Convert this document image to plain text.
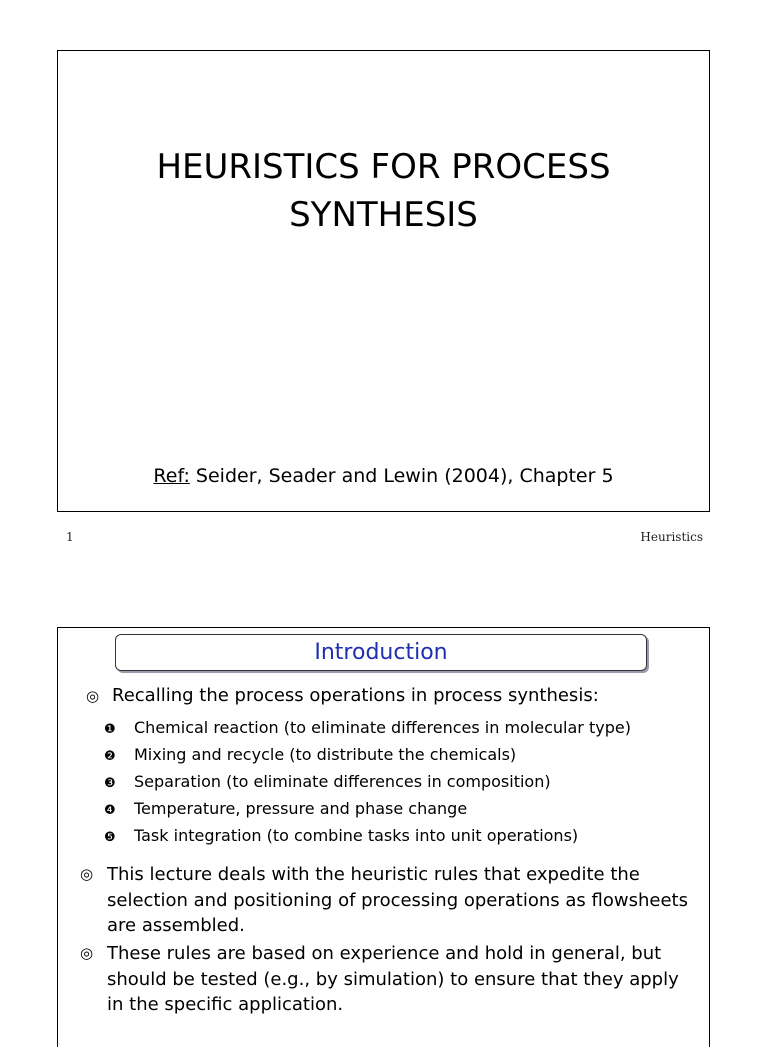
HEURISTICS FOR PROCESS
SYNTHESIS
Ref: Seider, Seader and Lewin (2004), Chapter 5
1	Heuristics
Introduction
◎ Recalling the process operations in process synthesis:
❶ Chemical reaction (to eliminate differences in molecular type)
❷ Mixing and recycle (to distribute the chemicals)
❸ Separation (to eliminate differences in composition)
❹ Temperature, pressure and phase change
❺ Task integration (to combine tasks into unit operations)
◎ This lecture deals with the heuristic rules that expedite the selection and positioning of processing operations as flowsheets are assembled.
◎ These rules are based on experience and hold in general, but should be tested (e.g., by simulation) to ensure that they apply in the specific application.
